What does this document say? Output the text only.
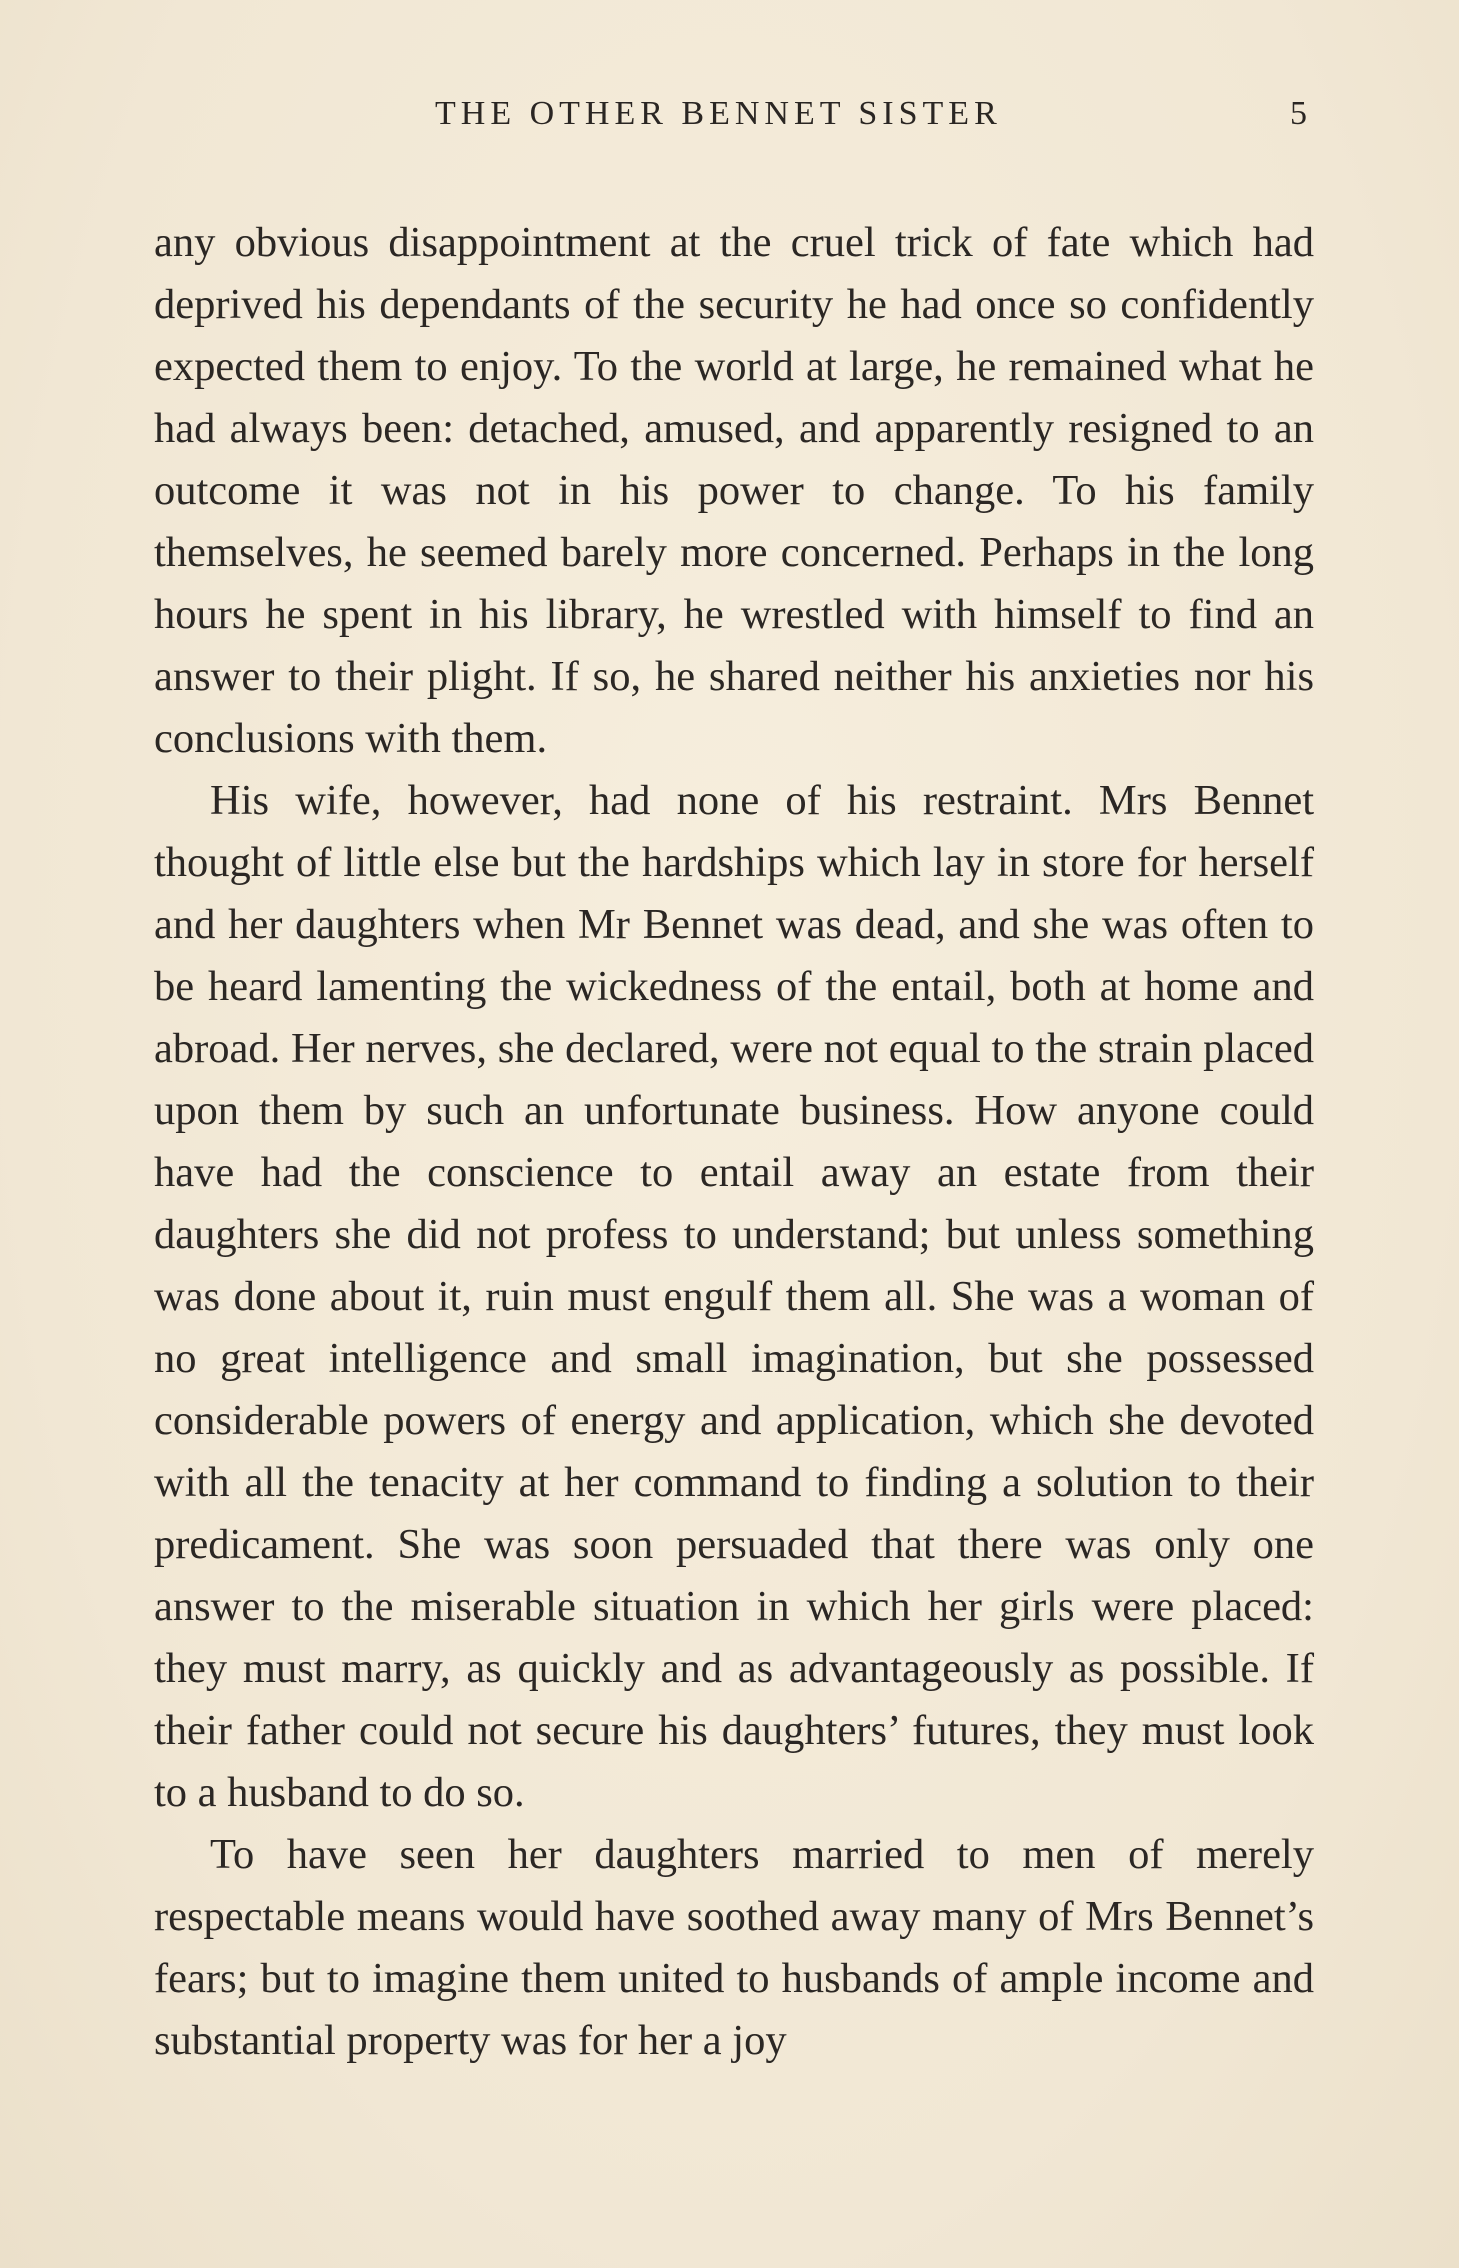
THE OTHER BENNET SISTER	5

any obvious disappointment at the cruel trick of fate which had deprived his dependants of the security he had once so confidently expected them to enjoy. To the world at large, he remained what he had always been: detached, amused, and apparently resigned to an outcome it was not in his power to change. To his family themselves, he seemed barely more concerned. Perhaps in the long hours he spent in his library, he wrestled with himself to find an answer to their plight. If so, he shared neither his anxieties nor his conclusions with them.

His wife, however, had none of his restraint. Mrs Bennet thought of little else but the hardships which lay in store for herself and her daughters when Mr Bennet was dead, and she was often to be heard lamenting the wickedness of the entail, both at home and abroad. Her nerves, she declared, were not equal to the strain placed upon them by such an unfortunate business. How anyone could have had the conscience to entail away an estate from their daughters she did not profess to understand; but unless something was done about it, ruin must engulf them all. She was a woman of no great intelligence and small imagination, but she possessed considerable powers of energy and application, which she devoted with all the tenacity at her command to finding a solution to their predicament. She was soon persuaded that there was only one answer to the miserable situation in which her girls were placed: they must marry, as quickly and as advantageously as possible. If their father could not secure his daughters’ futures, they must look to a husband to do so.

To have seen her daughters married to men of merely respectable means would have soothed away many of Mrs Bennet’s fears; but to imagine them united to husbands of ample income and substantial property was for her a joy
